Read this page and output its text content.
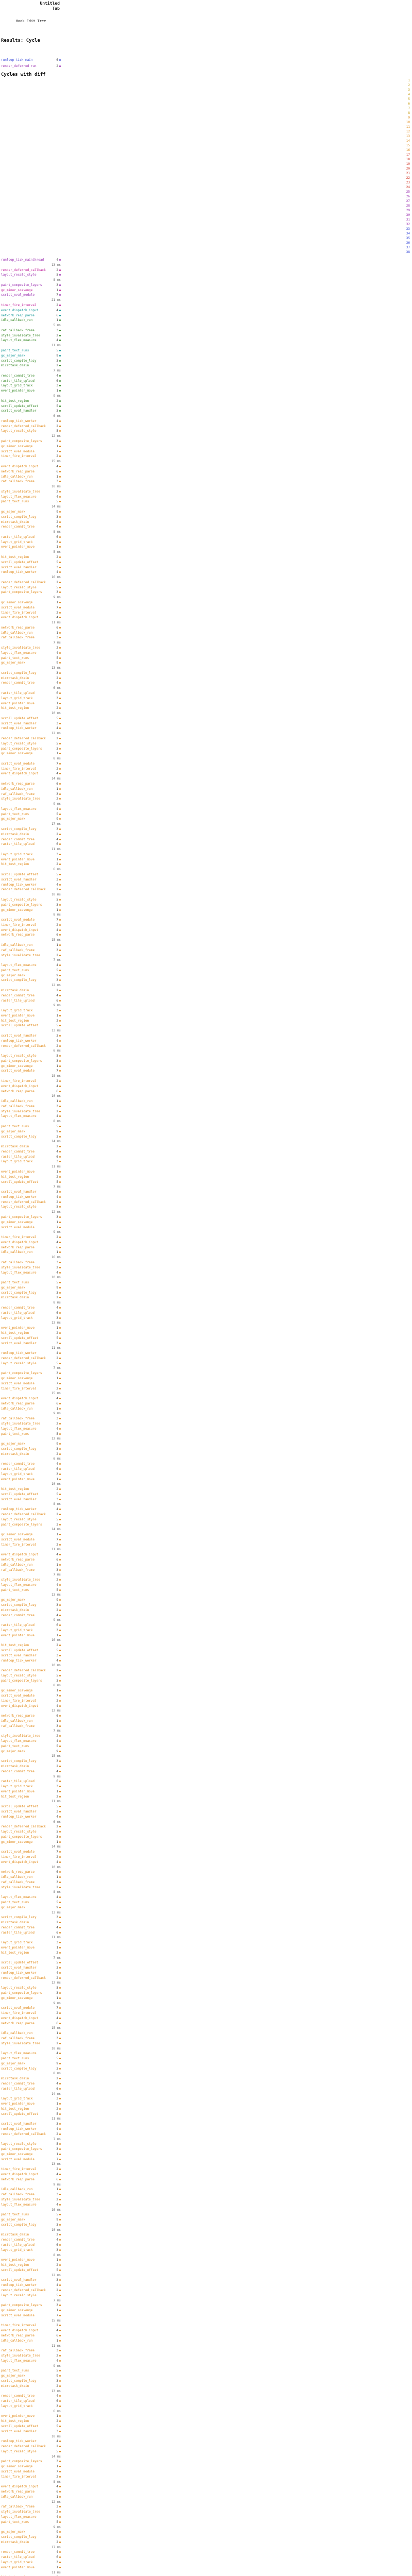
Untitled
Tab
Hook Edit Tree
Results: Cycle
Cycles with diff
runloop tick main	6
render_deferred run	2
1
2
3
4
5
6
7
8
9
10
11
12
13
14
15
16
17
18
19
20
21
22
23
24
25
26
27
28
29
30
31
32
33
34
35
36
37
38
runloop_tick_mainthread	4
13 ms
render_deferred_callback	2
layout_recalc_style	5
8 ms
paint_composite_layers	3
gc_minor_scavenge	1
script_eval_module	7
21 ms
timer_fire_interval	2
event_dispatch_input	4
network_resp_parse	6
idle_callback_run	1
5 ms
raf_callback_frame	3
style_invalidate_tree	2
layout_flex_measure	4
11 ms
paint_text_runs	5
gc_major_mark	9
script_compile_lazy	3
microtask_drain	2
7 ms
render_commit_tree	4
raster_tile_upload	6
layout_grid_track	3
event_pointer_move	1
9 ms
hit_test_region	2
scroll_update_offset	5
script_eval_handler	3
6 ms
runloop_tick_worker	4
render_deferred_callback	2
layout_recalc_style	5
12 ms
paint_composite_layers	3
gc_minor_scavenge	1
script_eval_module	7
timer_fire_interval	2
15 ms
event_dispatch_input	4
network_resp_parse	6
idle_callback_run	1
raf_callback_frame	3
10 ms
style_invalidate_tree	2
layout_flex_measure	4
paint_text_runs	5
14 ms
gc_major_mark	9
script_compile_lazy	3
microtask_drain	2
render_commit_tree	4
8 ms
raster_tile_upload	6
layout_grid_track	3
event_pointer_move	1
5 ms
hit_test_region	2
scroll_update_offset	5
script_eval_handler	3
runloop_tick_worker	4
16 ms
render_deferred_callback	2
layout_recalc_style	5
paint_composite_layers	3
9 ms
gc_minor_scavenge	1
script_eval_module	7
timer_fire_interval	2
event_dispatch_input	4
11 ms
network_resp_parse	6
idle_callback_run	1
raf_callback_frame	3
7 ms
style_invalidate_tree	2
layout_flex_measure	4
paint_text_runs	5
gc_major_mark	9
13 ms
script_compile_lazy	3
microtask_drain	2
render_commit_tree	4
6 ms
raster_tile_upload	6
layout_grid_track	3
event_pointer_move	1
hit_test_region	2
10 ms
scroll_update_offset	5
script_eval_handler	3
runloop_tick_worker	4
12 ms
render_deferred_callback	2
layout_recalc_style	5
paint_composite_layers	3
gc_minor_scavenge	1
8 ms
script_eval_module	7
timer_fire_interval	2
event_dispatch_input	4
14 ms
network_resp_parse	6
idle_callback_run	1
raf_callback_frame	3
style_invalidate_tree	2
9 ms
layout_flex_measure	4
paint_text_runs	5
gc_major_mark	9
17 ms
script_compile_lazy	3
microtask_drain	2
render_commit_tree	4
raster_tile_upload	6
11 ms
layout_grid_track	3
event_pointer_move	1
hit_test_region	2
6 ms
scroll_update_offset	5
script_eval_handler	3
runloop_tick_worker	4
render_deferred_callback	2
10 ms
layout_recalc_style	5
paint_composite_layers	3
gc_minor_scavenge	1
8 ms
script_eval_module	7
timer_fire_interval	2
event_dispatch_input	4
network_resp_parse	6
15 ms
idle_callback_run	1
raf_callback_frame	3
style_invalidate_tree	2
7 ms
layout_flex_measure	4
paint_text_runs	5
gc_major_mark	9
script_compile_lazy	3
12 ms
microtask_drain	2
render_commit_tree	4
raster_tile_upload	6
9 ms
layout_grid_track	3
event_pointer_move	1
hit_test_region	2
scroll_update_offset	5
13 ms
script_eval_handler	3
runloop_tick_worker	4
render_deferred_callback	2
6 ms
layout_recalc_style	5
paint_composite_layers	3
gc_minor_scavenge	1
script_eval_module	7
18 ms
timer_fire_interval	2
event_dispatch_input	4
network_resp_parse	6
10 ms
idle_callback_run	1
raf_callback_frame	3
style_invalidate_tree	2
layout_flex_measure	4
8 ms
paint_text_runs	5
gc_major_mark	9
script_compile_lazy	3
14 ms
microtask_drain	2
render_commit_tree	4
raster_tile_upload	6
layout_grid_track	3
11 ms
event_pointer_move	1
hit_test_region	2
scroll_update_offset	5
7 ms
script_eval_handler	3
runloop_tick_worker	4
render_deferred_callback	2
layout_recalc_style	5
12 ms
paint_composite_layers	3
gc_minor_scavenge	1
script_eval_module	7
9 ms
timer_fire_interval	2
event_dispatch_input	4
network_resp_parse	6
idle_callback_run	1
16 ms
raf_callback_frame	3
style_invalidate_tree	2
layout_flex_measure	4
10 ms
paint_text_runs	5
gc_major_mark	9
script_compile_lazy	3
microtask_drain	2
8 ms
render_commit_tree	4
raster_tile_upload	6
layout_grid_track	3
13 ms
event_pointer_move	1
hit_test_region	2
scroll_update_offset	5
script_eval_handler	3
11 ms
runloop_tick_worker	4
render_deferred_callback	2
layout_recalc_style	5
7 ms
paint_composite_layers	3
gc_minor_scavenge	1
script_eval_module	7
timer_fire_interval	2
15 ms
event_dispatch_input	4
network_resp_parse	6
idle_callback_run	1
9 ms
raf_callback_frame	3
style_invalidate_tree	2
layout_flex_measure	4
paint_text_runs	5
12 ms
gc_major_mark	9
script_compile_lazy	3
microtask_drain	2
6 ms
render_commit_tree	4
raster_tile_upload	6
layout_grid_track	3
event_pointer_move	1
10 ms
hit_test_region	2
scroll_update_offset	5
script_eval_handler	3
8 ms
runloop_tick_worker	4
render_deferred_callback	2
layout_recalc_style	5
paint_composite_layers	3
14 ms
gc_minor_scavenge	1
script_eval_module	7
timer_fire_interval	2
11 ms
event_dispatch_input	4
network_resp_parse	6
idle_callback_run	1
raf_callback_frame	3
7 ms
style_invalidate_tree	2
layout_flex_measure	4
paint_text_runs	5
13 ms
gc_major_mark	9
script_compile_lazy	3
microtask_drain	2
render_commit_tree	4
9 ms
raster_tile_upload	6
layout_grid_track	3
event_pointer_move	1
16 ms
hit_test_region	2
scroll_update_offset	5
script_eval_handler	3
runloop_tick_worker	4
10 ms
render_deferred_callback	2
layout_recalc_style	5
paint_composite_layers	3
8 ms
gc_minor_scavenge	1
script_eval_module	7
timer_fire_interval	2
event_dispatch_input	4
12 ms
network_resp_parse	6
idle_callback_run	1
raf_callback_frame	3
7 ms
style_invalidate_tree	2
layout_flex_measure	4
paint_text_runs	5
gc_major_mark	9
15 ms
script_compile_lazy	3
microtask_drain	2
render_commit_tree	4
9 ms
raster_tile_upload	6
layout_grid_track	3
event_pointer_move	1
hit_test_region	2
11 ms
scroll_update_offset	5
script_eval_handler	3
runloop_tick_worker	4
6 ms
render_deferred_callback	2
layout_recalc_style	5
paint_composite_layers	3
gc_minor_scavenge	1
14 ms
script_eval_module	7
timer_fire_interval	2
event_dispatch_input	4
10 ms
network_resp_parse	6
idle_callback_run	1
raf_callback_frame	3
style_invalidate_tree	2
8 ms
layout_flex_measure	4
paint_text_runs	5
gc_major_mark	9
13 ms
script_compile_lazy	3
microtask_drain	2
render_commit_tree	4
raster_tile_upload	6
11 ms
layout_grid_track	3
event_pointer_move	1
hit_test_region	2
7 ms
scroll_update_offset	5
script_eval_handler	3
runloop_tick_worker	4
render_deferred_callback	2
12 ms
layout_recalc_style	5
paint_composite_layers	3
gc_minor_scavenge	1
9 ms
script_eval_module	7
timer_fire_interval	2
event_dispatch_input	4
network_resp_parse	6
15 ms
idle_callback_run	1
raf_callback_frame	3
style_invalidate_tree	2
10 ms
layout_flex_measure	4
paint_text_runs	5
gc_major_mark	9
script_compile_lazy	3
8 ms
microtask_drain	2
render_commit_tree	4
raster_tile_upload	6
14 ms
layout_grid_track	3
event_pointer_move	1
hit_test_region	2
scroll_update_offset	5
11 ms
script_eval_handler	3
runloop_tick_worker	4
render_deferred_callback	2
7 ms
layout_recalc_style	5
paint_composite_layers	3
gc_minor_scavenge	1
script_eval_module	7
13 ms
timer_fire_interval	2
event_dispatch_input	4
network_resp_parse	6
9 ms
idle_callback_run	1
raf_callback_frame	3
style_invalidate_tree	2
layout_flex_measure	4
16 ms
paint_text_runs	5
gc_major_mark	9
script_compile_lazy	3
10 ms
microtask_drain	2
render_commit_tree	4
raster_tile_upload	6
layout_grid_track	3
8 ms
event_pointer_move	1
hit_test_region	2
scroll_update_offset	5
12 ms
script_eval_handler	3
runloop_tick_worker	4
render_deferred_callback	2
layout_recalc_style	5
7 ms
paint_composite_layers	3
gc_minor_scavenge	1
script_eval_module	7
15 ms
timer_fire_interval	2
event_dispatch_input	4
network_resp_parse	6
idle_callback_run	1
11 ms
raf_callback_frame	3
style_invalidate_tree	2
layout_flex_measure	4
9 ms
paint_text_runs	5
gc_major_mark	9
script_compile_lazy	3
microtask_drain	2
13 ms
render_commit_tree	4
raster_tile_upload	6
layout_grid_track	3
6 ms
event_pointer_move	1
hit_test_region	2
scroll_update_offset	5
script_eval_handler	3
10 ms
runloop_tick_worker	4
render_deferred_callback	2
layout_recalc_style	5
14 ms
paint_composite_layers	3
gc_minor_scavenge	1
script_eval_module	7
timer_fire_interval	2
8 ms
event_dispatch_input	4
network_resp_parse	6
idle_callback_run	1
12 ms
raf_callback_frame	3
style_invalidate_tree	2
layout_flex_measure	4
paint_text_runs	5
9 ms
gc_major_mark	9
script_compile_lazy	3
microtask_drain	2
17 ms
render_commit_tree	4
raster_tile_upload	6
layout_grid_track	3
event_pointer_move	1
11 ms
